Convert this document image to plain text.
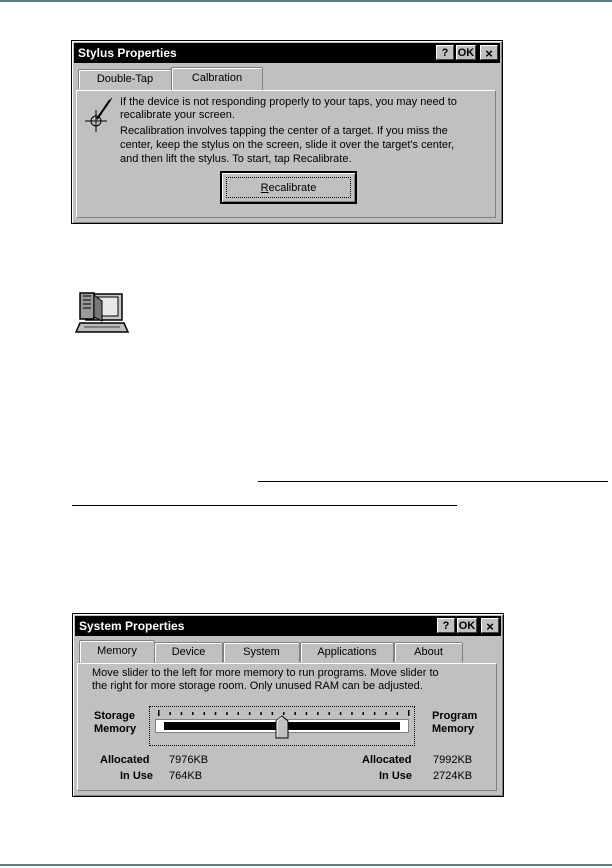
Stylus Properties	? OK ×
Double-Tap	Calbration
If the device is not responding properly to your taps, you may need to
recalibrate your screen.
Recalibration involves tapping the center of a target. If you miss the
center, keep the stylus on the screen, slide it over the target's center,
and then lift the stylus. To start, tap Recalibrate.
Recalibrate
System Properties	? OK ×
Memory	Device	System	Applications	About
Move slider to the left for more memory to run programs. Move slider to
the right for more storage room. Only unused RAM can be adjusted.
Storage
Memory
Program
Memory
Allocated 7976KB
In Use 764KB
Allocated 7992KB
In Use 2724KB
